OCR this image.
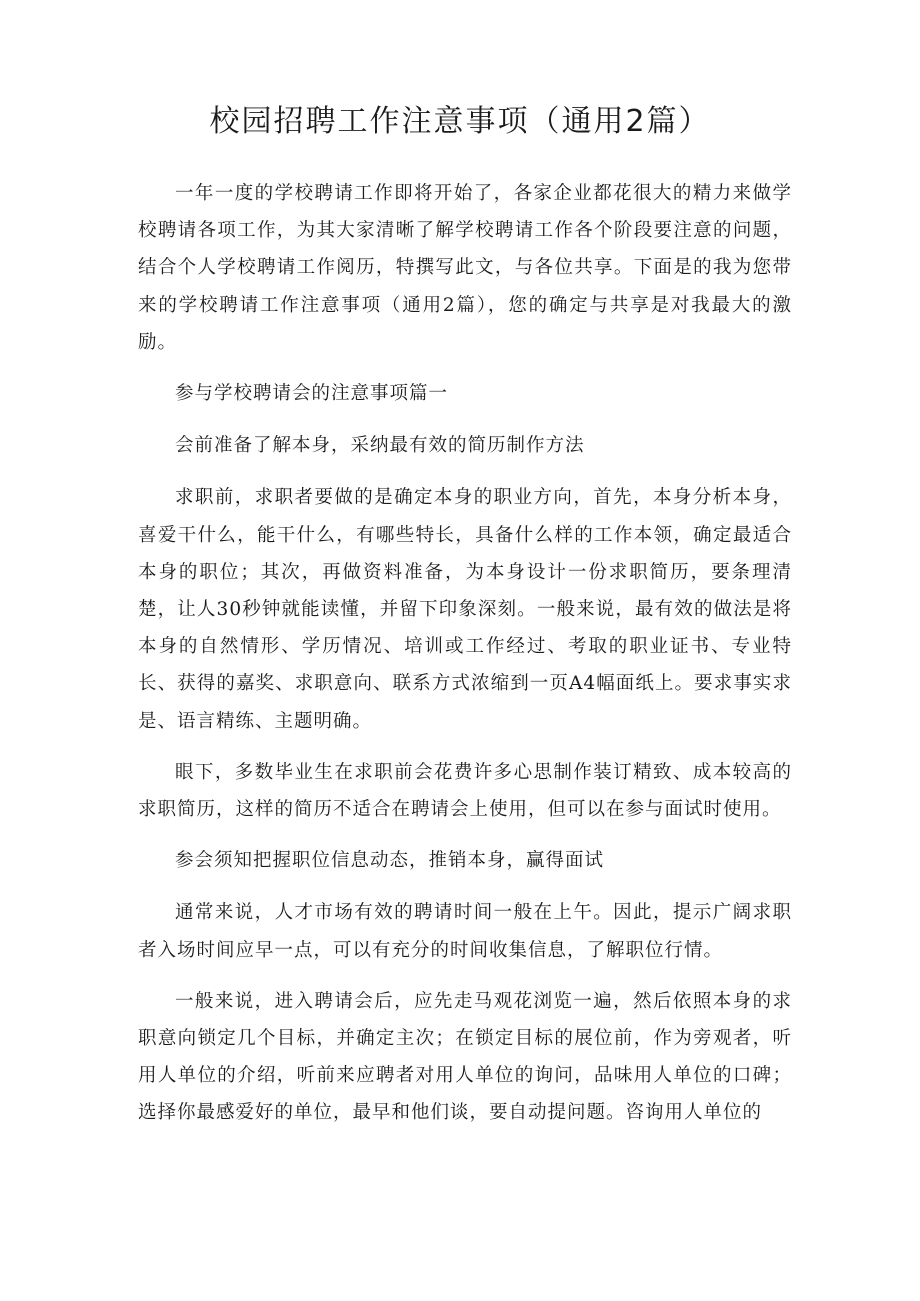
校园招聘工作注意事项（通用2篇）

一年一度的学校聘请工作即将开始了，各家企业都花很大的精力来做学校聘请各项工作，为其大家清晰了解学校聘请工作各个阶段要注意的问题，结合个人学校聘请工作阅历，特撰写此文，与各位共享。下面是的我为您带来的学校聘请工作注意事项（通用2篇），您的确定与共享是对我最大的激励。

参与学校聘请会的注意事项篇一

会前准备了解本身，采纳最有效的简历制作方法

求职前，求职者要做的是确定本身的职业方向，首先，本身分析本身，喜爱干什么，能干什么，有哪些特长，具备什么样的工作本领，确定最适合本身的职位；其次，再做资料准备，为本身设计一份求职简历，要条理清楚，让人30秒钟就能读懂，并留下印象深刻。一般来说，最有效的做法是将本身的自然情形、学历情况、培训或工作经过、考取的职业证书、专业特长、获得的嘉奖、求职意向、联系方式浓缩到一页A4幅面纸上。要求事实求是、语言精练、主题明确。

眼下，多数毕业生在求职前会花费许多心思制作装订精致、成本较高的求职简历，这样的简历不适合在聘请会上使用，但可以在参与面试时使用。

参会须知把握职位信息动态，推销本身，赢得面试

通常来说，人才市场有效的聘请时间一般在上午。因此，提示广阔求职者入场时间应早一点，可以有充分的时间收集信息，了解职位行情。

一般来说，进入聘请会后，应先走马观花浏览一遍，然后依照本身的求职意向锁定几个目标，并确定主次；在锁定目标的展位前，作为旁观者，听用人单位的介绍，听前来应聘者对用人单位的询问，品味用人单位的口碑；选择你最感爱好的单位，最早和他们谈，要自动提问题。咨询用人单位的
